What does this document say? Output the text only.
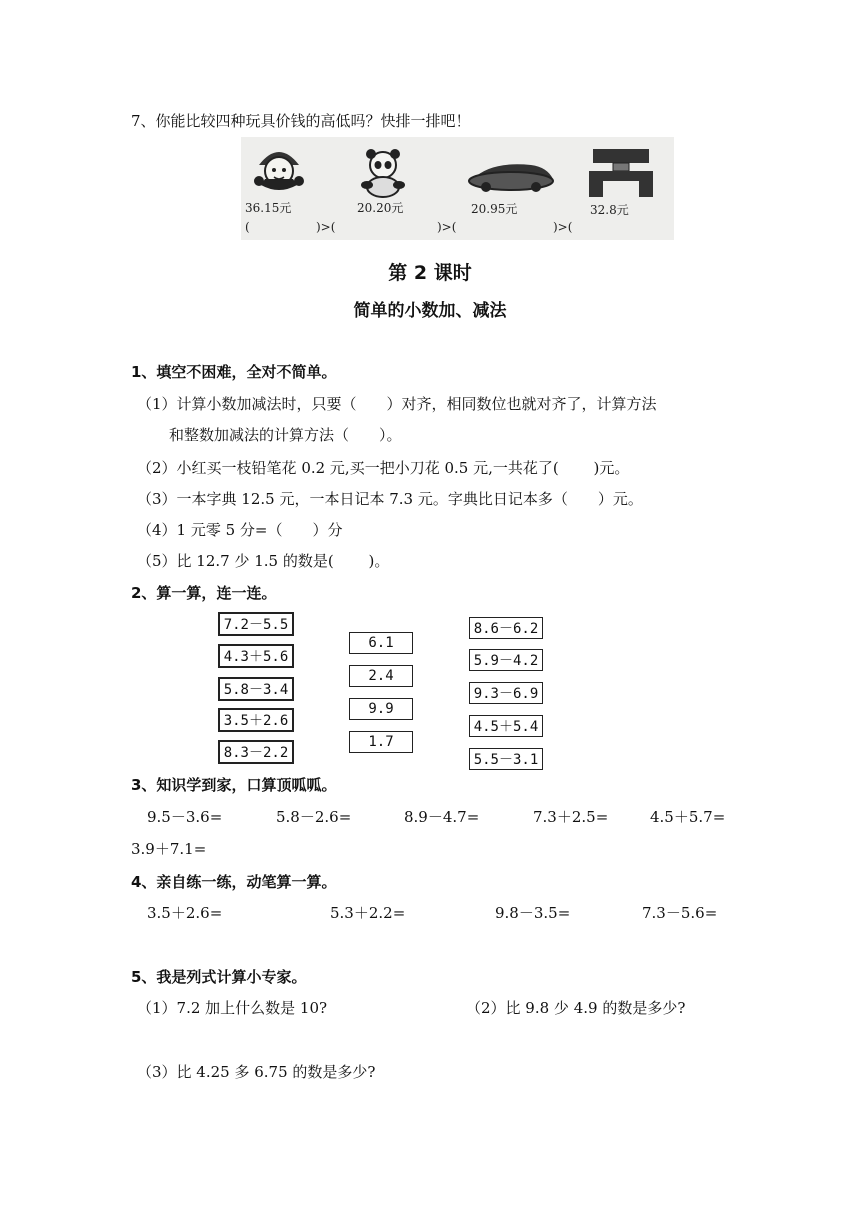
7、你能比较四种玩具价钱的高低吗？快排一排吧！
36.15元	20.20元	20.95元	32.8元
(	)>(	)>(	)>(
第 2 课时
简单的小数加、减法
1、填空不困难，全对不简单。
（1）计算小数加减法时，只要（　　）对齐，相同数位也就对齐了，计算方法
和整数加减法的计算方法（　　）。
（2）小红买一枝铅笔花 0.2 元,买一把小刀花 0.5 元,一共花了(　　 )元。
（3）一本字典 12.5 元，一本日记本 7.3 元。字典比日记本多（　　）元。
（4）1 元零 5 分=（　　）分
（5）比 12.7 少 1.5 的数是(　　 )。
2、算一算，连一连。
7.2－5.5
4.3＋5.6
5.8－3.4
3.5＋2.6
8.3－2.2
6.1
2.4
9.9
1.7
8.6－6.2
5.9－4.2
9.3－6.9
4.5＋5.4
5.5－3.1
3、知识学到家，口算顶呱呱。
9.5－3.6=	5.8－2.6=	8.9－4.7=	7.3＋2.5=	4.5＋5.7=
3.9＋7.1=
4、亲自练一练，动笔算一算。
3.5＋2.6=	5.3＋2.2=	9.8－3.5=	7.3－5.6=
5、我是列式计算小专家。
（1）7.2 加上什么数是 10?	（2）比 9.8 少 4.9 的数是多少?
（3）比 4.25 多 6.75 的数是多少?
